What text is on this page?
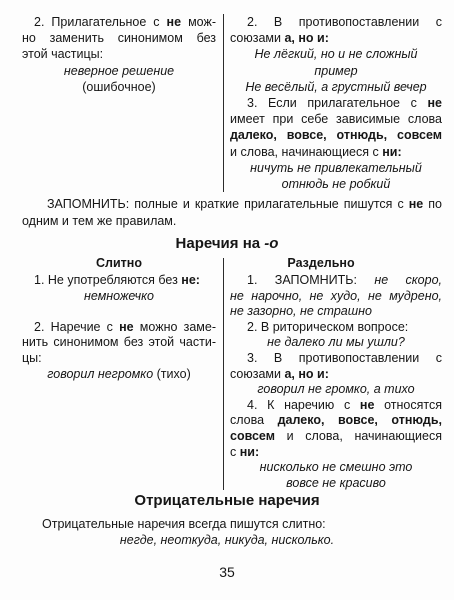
2. Прилагательное с не мож-
но заменить синонимом без
этой частицы:
неверное решение
(ошибочное)
2. В противопоставлении с
союзами а, но и:
Не лёгкий, но и не сложный
пример
Не весёлый, а грустный вечер
3. Если прилагательное с не
имеет при себе зависимые слова
далеко, вовсе, отнюдь, совсем
и слова, начинающиеся с ни:
ничуть не привлекательный
отнюдь не робкий
ЗАПОМНИТЬ: полные и краткие прилагательные пишутся с не по
одним и тем же правилам.
Наречия на -о
Слитно	Раздельно
1. Не употребляются без не:
немножечко
2. Наречие с не можно заме-
нить синонимом без этой части-
цы:
говорил негромко (тихо)
1. ЗАПОМНИТЬ: не скоро,
не нарочно, не худо, не мудрено,
не зазорно, не страшно
2. В риторическом вопросе:
не далеко ли мы ушли?
3. В противопоставлении с
союзами а, но и:
говорил не громко, а тихо
4. К наречию с не относятся
слова далеко, вовсе, отнюдь,
совсем и слова, начинающиеся
с ни:
нисколько не смешно это
вовсе не красиво
Отрицательные наречия
Отрицательные наречия всегда пишутся слитно:
негде, неоткуда, никуда, нисколько.
35
